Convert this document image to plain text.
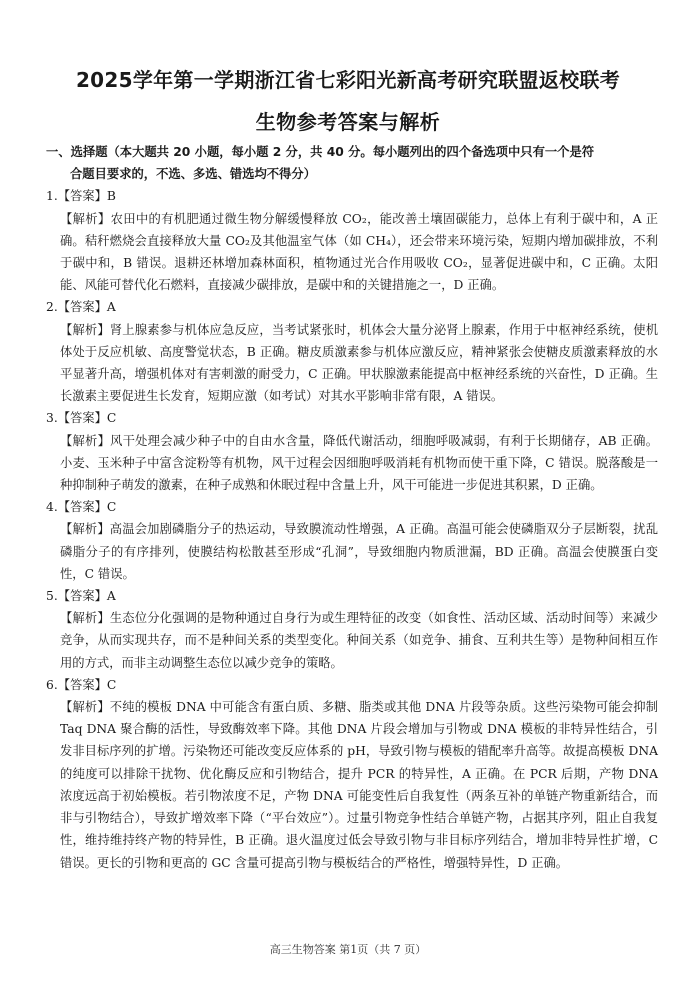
2025学年第一学期浙江省七彩阳光新高考研究联盟返校联考
生物参考答案与解析
一、选择题（本大题共 20 小题，每小题 2 分，共 40 分。每小题列出的四个备选项中只有一个是符
合题目要求的，不选、多选、错选均不得分）
1.【答案】B
【解析】农田中的有机肥通过微生物分解缓慢释放 CO₂，能改善土壤固碳能力，总体上有利于碳中和，A 正确。秸秆燃烧会直接释放大量 CO₂及其他温室气体（如 CH₄），还会带来环境污染，短期内增加碳排放，不利于碳中和，B 错误。退耕还林增加森林面积，植物通过光合作用吸收 CO₂，显著促进碳中和，C 正确。太阳能、风能可替代化石燃料，直接减少碳排放，是碳中和的关键措施之一，D 正确。
2.【答案】A
【解析】肾上腺素参与机体应急反应，当考试紧张时，机体会大量分泌肾上腺素，作用于中枢神经系统，使机体处于反应机敏、高度警觉状态，B 正确。糖皮质激素参与机体应激反应，精神紧张会使糖皮质激素释放的水平显著升高，增强机体对有害刺激的耐受力，C 正确。甲状腺激素能提高中枢神经系统的兴奋性，D 正确。生长激素主要促进生长发育，短期应激（如考试）对其水平影响非常有限，A 错误。
3.【答案】C
【解析】风干处理会减少种子中的自由水含量，降低代谢活动，细胞呼吸减弱，有利于长期储存，AB 正确。小麦、玉米种子中富含淀粉等有机物，风干过程会因细胞呼吸消耗有机物而使干重下降，C 错误。脱落酸是一种抑制种子萌发的激素，在种子成熟和休眠过程中含量上升，风干可能进一步促进其积累，D 正确。
4.【答案】C
【解析】高温会加剧磷脂分子的热运动，导致膜流动性增强，A 正确。高温可能会使磷脂双分子层断裂，扰乱磷脂分子的有序排列，使膜结构松散甚至形成“孔洞”，导致细胞内物质泄漏，BD 正确。高温会使膜蛋白变性，C 错误。
5.【答案】A
【解析】生态位分化强调的是物种通过自身行为或生理特征的改变（如食性、活动区域、活动时间等）来减少竞争，从而实现共存，而不是种间关系的类型变化。种间关系（如竞争、捕食、互利共生等）是物种间相互作用的方式，而非主动调整生态位以减少竞争的策略。
6.【答案】C
【解析】不纯的模板 DNA 中可能含有蛋白质、多糖、脂类或其他 DNA 片段等杂质。这些污染物可能会抑制 Taq DNA 聚合酶的活性，导致酶效率下降。其他 DNA 片段会增加与引物或 DNA 模板的非特异性结合，引发非目标序列的扩增。污染物还可能改变反应体系的 pH，导致引物与模板的错配率升高等。故提高模板 DNA 的纯度可以排除干扰物、优化酶反应和引物结合，提升 PCR 的特异性，A 正确。在 PCR 后期，产物 DNA 浓度远高于初始模板。若引物浓度不足，产物 DNA 可能变性后自我复性（两条互补的单链产物重新结合，而非与引物结合），导致扩增效率下降（“平台效应”）。过量引物竞争性结合单链产物，占据其序列，阻止自我复性，维持维持终产物的特异性，B 正确。退火温度过低会导致引物与非目标序列结合，增加非特异性扩增，C 错误。更长的引物和更高的 GC 含量可提高引物与模板结合的严格性，增强特异性，D 正确。
高三生物答案 第1页（共 7 页）
